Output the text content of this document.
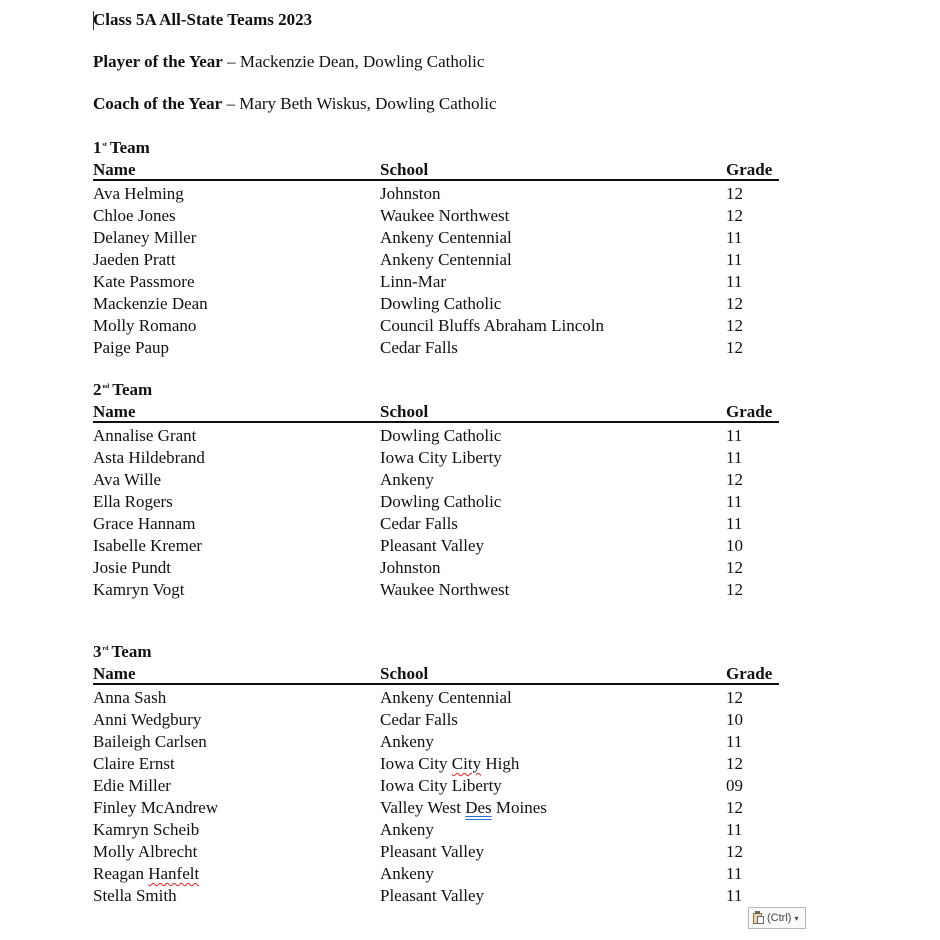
Class 5A All-State Teams 2023
Player of the Year – Mackenzie Dean, Dowling Catholic
Coach of the Year – Mary Beth Wiskus, Dowling Catholic
1st Team
Name	School	Grade
Ava Helming	Johnston	12
Chloe Jones	Waukee Northwest	12
Delaney Miller	Ankeny Centennial	11
Jaeden Pratt	Ankeny Centennial	11
Kate Passmore	Linn-Mar	11
Mackenzie Dean	Dowling Catholic	12
Molly Romano	Council Bluffs Abraham Lincoln	12
Paige Paup	Cedar Falls	12
2nd Team
Name	School	Grade
Annalise Grant	Dowling Catholic	11
Asta Hildebrand	Iowa City Liberty	11
Ava Wille	Ankeny	12
Ella Rogers	Dowling Catholic	11
Grace Hannam	Cedar Falls	11
Isabelle Kremer	Pleasant Valley	10
Josie Pundt	Johnston	12
Kamryn Vogt	Waukee Northwest	12
3rd Team
Name	School	Grade
Anna Sash	Ankeny Centennial	12
Anni Wedgbury	Cedar Falls	10
Baileigh Carlsen	Ankeny	11
Claire Ernst	Iowa City City High	12
Edie Miller	Iowa City Liberty	09
Finley McAndrew	Valley West Des Moines	12
Kamryn Scheib	Ankeny	11
Molly Albrecht	Pleasant Valley	12
Reagan Hanfelt	Ankeny	11
Stella Smith	Pleasant Valley	11
(Ctrl) ▾
